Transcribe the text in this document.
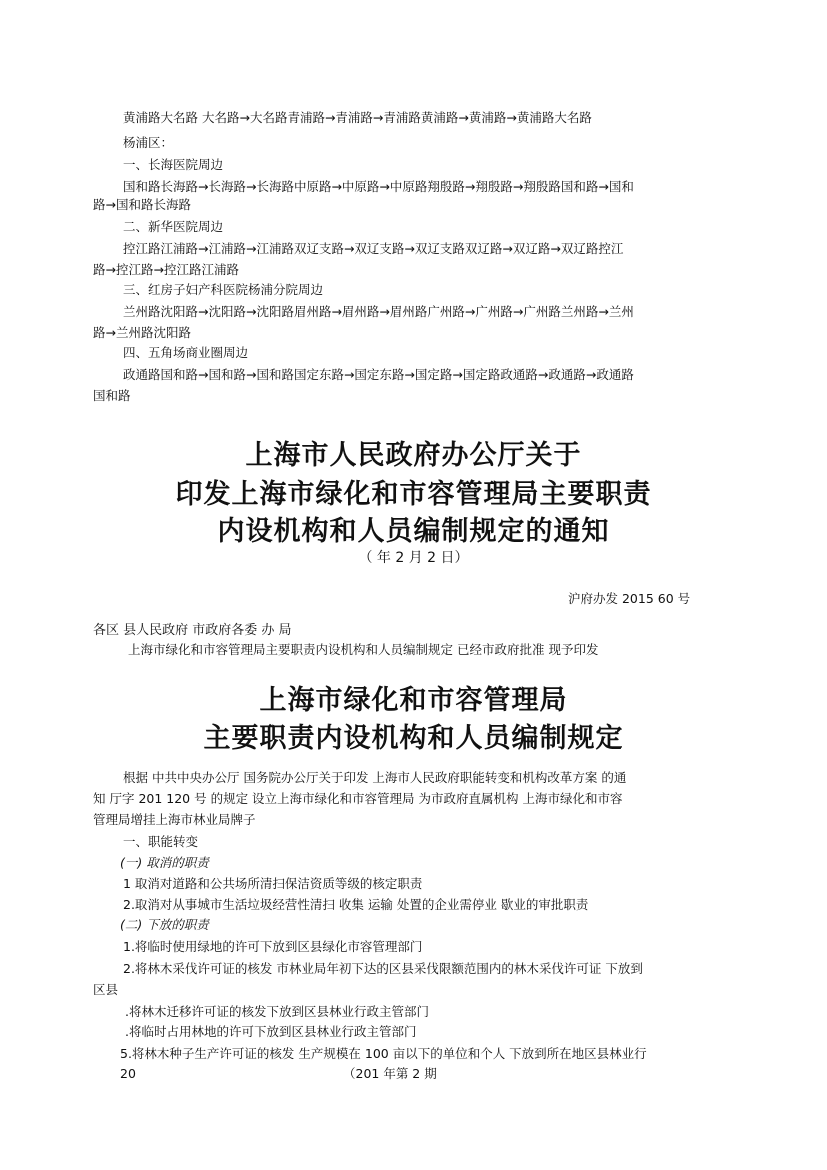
黄浦路大名路 大名路→大名路青浦路→青浦路→青浦路黄浦路→黄浦路→黄浦路大名路
杨浦区：
一、长海医院周边
国和路长海路→长海路→长海路中原路→中原路→中原路翔殷路→翔殷路→翔殷路国和路→国和
路→国和路长海路
二、新华医院周边
控江路江浦路→江浦路→江浦路双辽支路→双辽支路→双辽支路双辽路→双辽路→双辽路控江
路→控江路→控江路江浦路
三、红房子妇产科医院杨浦分院周边
兰州路沈阳路→沈阳路→沈阳路眉州路→眉州路→眉州路广州路→广州路→广州路兰州路→兰州
路→兰州路沈阳路
四、五角场商业圈周边
政通路国和路→国和路→国和路国定东路→国定东路→国定路→国定路政通路→政通路→政通路
国和路
上海市人民政府办公厅关于
印发上海市绿化和市容管理局主要职责
内设机构和人员编制规定的通知
（ 年 2 月 2 日）
沪府办发 2015 60 号
各区 县人民政府 市政府各委 办 局
上海市绿化和市容管理局主要职责内设机构和人员编制规定 已经市政府批准 现予印发
上海市绿化和市容管理局
主要职责内设机构和人员编制规定
根据 中共中央办公厅 国务院办公厅关于印发 上海市人民政府职能转变和机构改革方案 的通
知 厅字 201 120 号 的规定 设立上海市绿化和市容管理局 为市政府直属机构 上海市绿化和市容
管理局增挂上海市林业局牌子
一、职能转变
(一) 取消的职责
1 取消对道路和公共场所清扫保洁资质等级的核定职责
2.取消对从事城市生活垃圾经营性清扫 收集 运输 处置的企业需停业 歇业的审批职责
(二) 下放的职责
1.将临时使用绿地的许可下放到区县绿化市容管理部门
2.将林木采伐许可证的核发 市林业局年初下达的区县采伐限额范围内的林木采伐许可证 下放到
区县
.将林木迁移许可证的核发下放到区县林业行政主管部门
.将临时占用林地的许可下放到区县林业行政主管部门
5.将林木种子生产许可证的核发 生产规模在 100 亩以下的单位和个人 下放到所在地区县林业行
20	（201 年第 2 期
